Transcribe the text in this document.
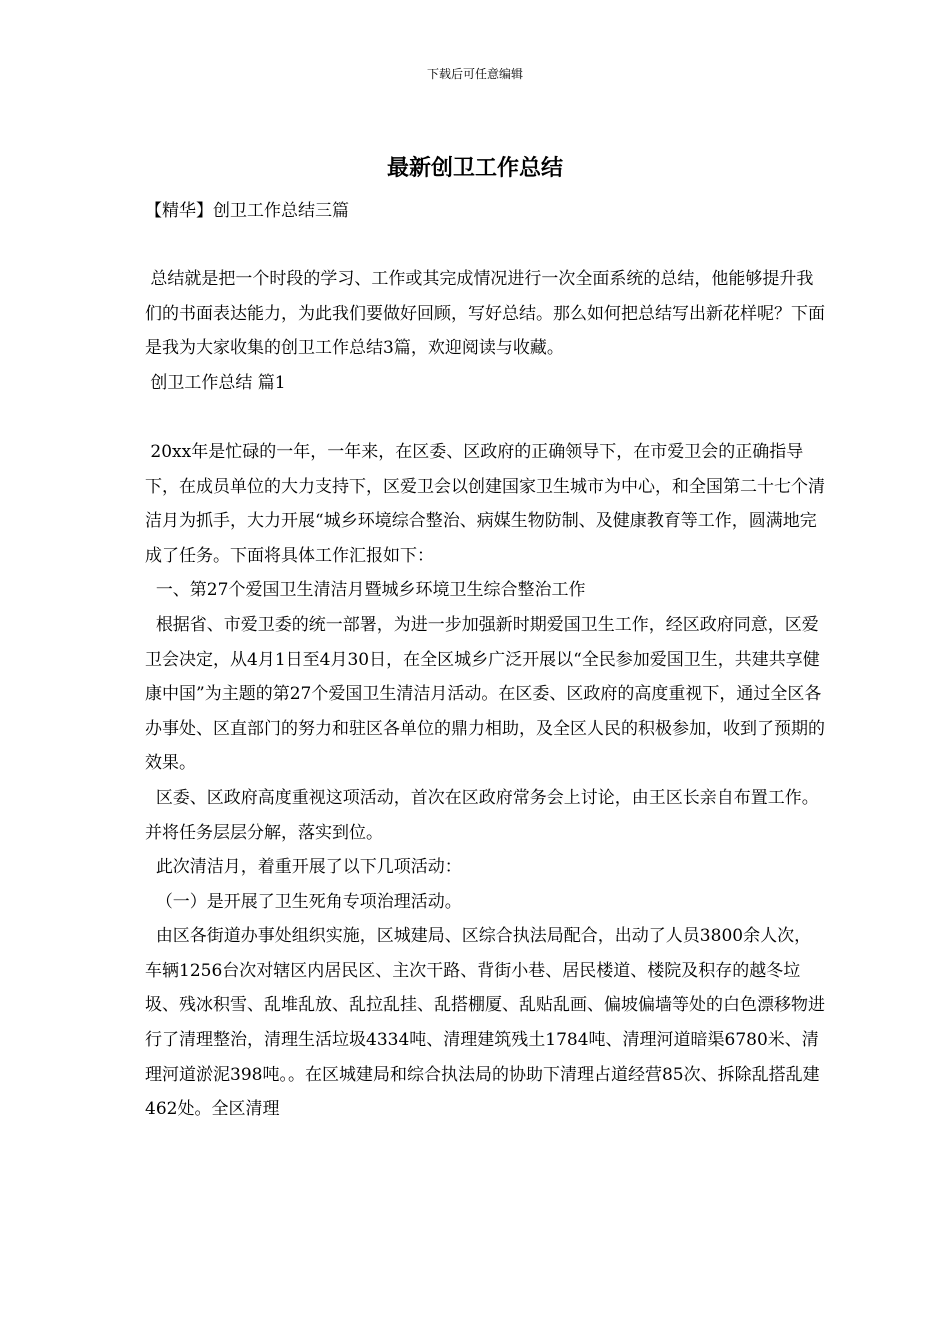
下载后可任意编辑
最新创卫工作总结
【精华】创卫工作总结三篇

总结就是把一个时段的学习、工作或其完成情况进行一次全面系统的总结，他能够提升我们的书面表达能力，为此我们要做好回顾，写好总结。那么如何把总结写出新花样呢？下面是我为大家收集的创卫工作总结3篇，欢迎阅读与收藏。

创卫工作总结 篇1

20xx年是忙碌的一年，一年来，在区委、区政府的正确领导下，在市爱卫会的正确指导下，在成员单位的大力支持下，区爱卫会以创建国家卫生城市为中心，和全国第二十七个清洁月为抓手，大力开展“城乡环境综合整治、病媒生物防制、及健康教育等工作，圆满地完成了任务。下面将具体工作汇报如下：

一、第27个爱国卫生清洁月暨城乡环境卫生综合整治工作

根据省、市爱卫委的统一部署，为进一步加强新时期爱国卫生工作，经区政府同意，区爱卫会决定，从4月1日至4月30日，在全区城乡广泛开展以“全民参加爱国卫生，共建共享健康中国”为主题的第27个爱国卫生清洁月活动。在区委、区政府的高度重视下，通过全区各办事处、区直部门的努力和驻区各单位的鼎力相助，及全区人民的积极参加，收到了预期的效果。

区委、区政府高度重视这项活动，首次在区政府常务会上讨论，由王区长亲自布置工作。并将任务层层分解，落实到位。

此次清洁月，着重开展了以下几项活动：

（一）是开展了卫生死角专项治理活动。

由区各街道办事处组织实施，区城建局、区综合执法局配合，出动了人员3800余人次，车辆1256台次对辖区内居民区、主次干路、背街小巷、居民楼道、楼院及积存的越冬垃圾、残冰积雪、乱堆乱放、乱拉乱挂、乱搭棚厦、乱贴乱画、偏坡偏墙等处的白色漂移物进行了清理整治，清理生活垃圾4334吨、清理建筑残土1784吨、清理河道暗渠6780米、清理河道淤泥398吨。。在区城建局和综合执法局的协助下清理占道经营85次、拆除乱搭乱建462处。全区清理
